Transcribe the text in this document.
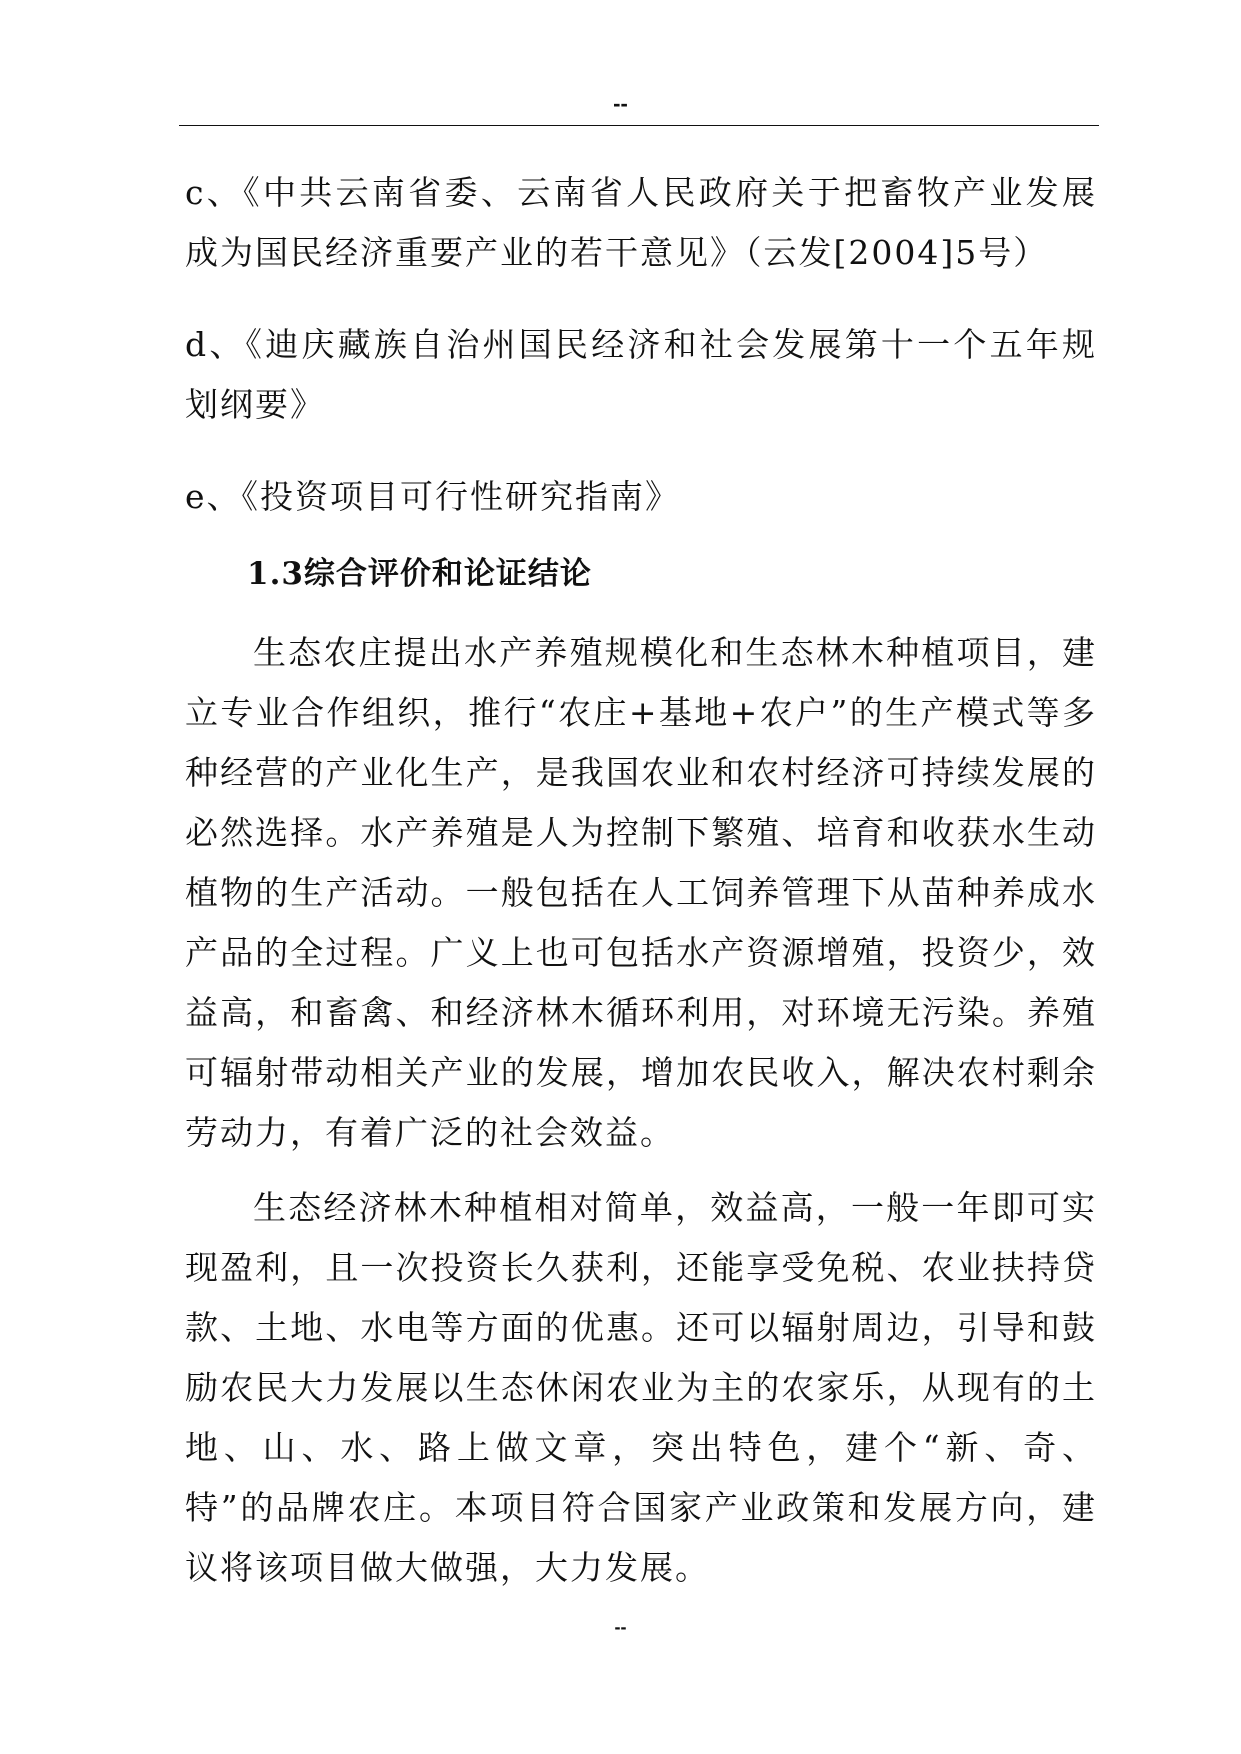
--

c、《中共云南省委、云南省人民政府关于把畜牧产业发展成为国民经济重要产业的若干意见》（云发[2004]5号）

d、《迪庆藏族自治州国民经济和社会发展第十一个五年规划纲要》

e、《投资项目可行性研究指南》

1.3综合评价和论证结论

生态农庄提出水产养殖规模化和生态林木种植项目，建立专业合作组织，推行“农庄+基地+农户”的生产模式等多种经营的产业化生产，是我国农业和农村经济可持续发展的必然选择。水产养殖是人为控制下繁殖、培育和收获水生动植物的生产活动。一般包括在人工饲养管理下从苗种养成水产品的全过程。广义上也可包括水产资源增殖，投资少，效益高，和畜禽、和经济林木循环利用，对环境无污染。养殖可辐射带动相关产业的发展，增加农民收入，解决农村剩余劳动力，有着广泛的社会效益。

生态经济林木种植相对简单，效益高，一般一年即可实现盈利，且一次投资长久获利，还能享受免税、农业扶持贷款、土地、水电等方面的优惠。还可以辐射周边，引导和鼓励农民大力发展以生态休闲农业为主的农家乐，从现有的土地、山、水、路上做文章，突出特色，建个“新、奇、特”的品牌农庄。本项目符合国家产业政策和发展方向，建议将该项目做大做强，大力发展。

--
